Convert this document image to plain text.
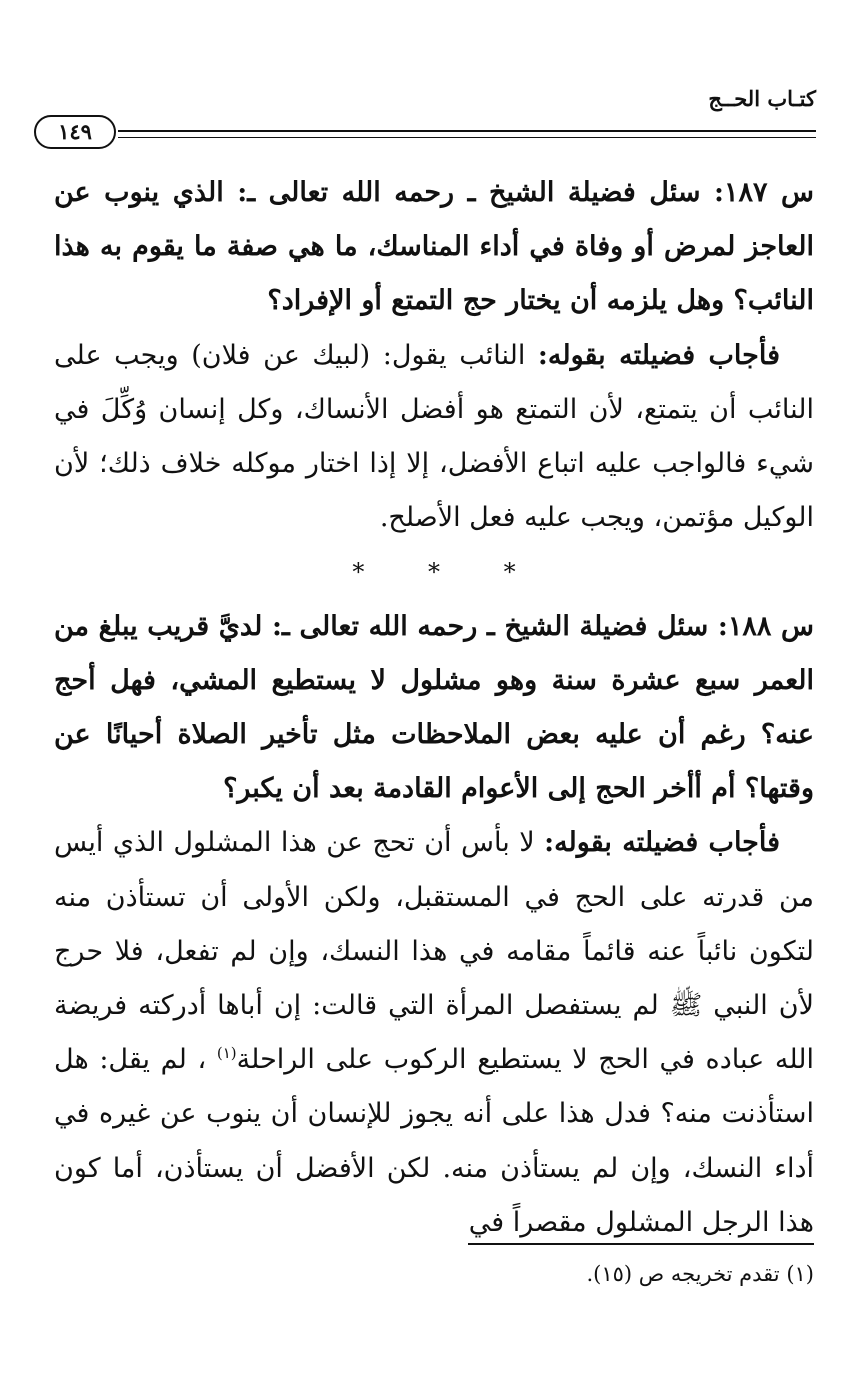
كتـاب الحــج
١٤٩

س ١٨٧: سئل فضيلة الشيخ ـ رحمه الله تعالى ـ: الذي ينوب عن العاجز لمرض أو وفاة في أداء المناسك، ما هي صفة ما يقوم به هذا النائب؟ وهل يلزمه أن يختار حج التمتع أو الإفراد؟

فأجاب فضيلته بقوله: النائب يقول: (لبيك عن فلان) ويجب على النائب أن يتمتع، لأن التمتع هو أفضل الأنساك، وكل إنسان وُكِّلَ في شيء فالواجب عليه اتباع الأفضل، إلا إذا اختار موكله خلاف ذلك؛ لأن الوكيل مؤتمن، ويجب عليه فعل الأصلح.

* * *

س ١٨٨: سئل فضيلة الشيخ ـ رحمه الله تعالى ـ: لديَّ قريب يبلغ من العمر سبع عشرة سنة وهو مشلول لا يستطيع المشي، فهل أحج عنه؟ رغم أن عليه بعض الملاحظات مثل تأخير الصلاة أحيانًا عن وقتها؟ أم أأخر الحج إلى الأعوام القادمة بعد أن يكبر؟

فأجاب فضيلته بقوله: لا بأس أن تحج عن هذا المشلول الذي أيس من قدرته على الحج في المستقبل، ولكن الأولى أن تستأذن منه لتكون نائباً عنه قائماً مقامه في هذا النسك، وإن لم تفعل، فلا حرج لأن النبي ﷺ لم يستفصل المرأة التي قالت: إن أباها أدركته فريضة الله عباده في الحج لا يستطيع الركوب على الراحلة$^{(١)}$ ، لم يقل: هل استأذنت منه؟ فدل هذا على أنه يجوز للإنسان أن ينوب عن غيره في أداء النسك، وإن لم يستأذن منه. لكن الأفضل أن يستأذن، أما كون هذا الرجل المشلول مقصراً في

(١) تقدم تخريجه ص (١٥).
